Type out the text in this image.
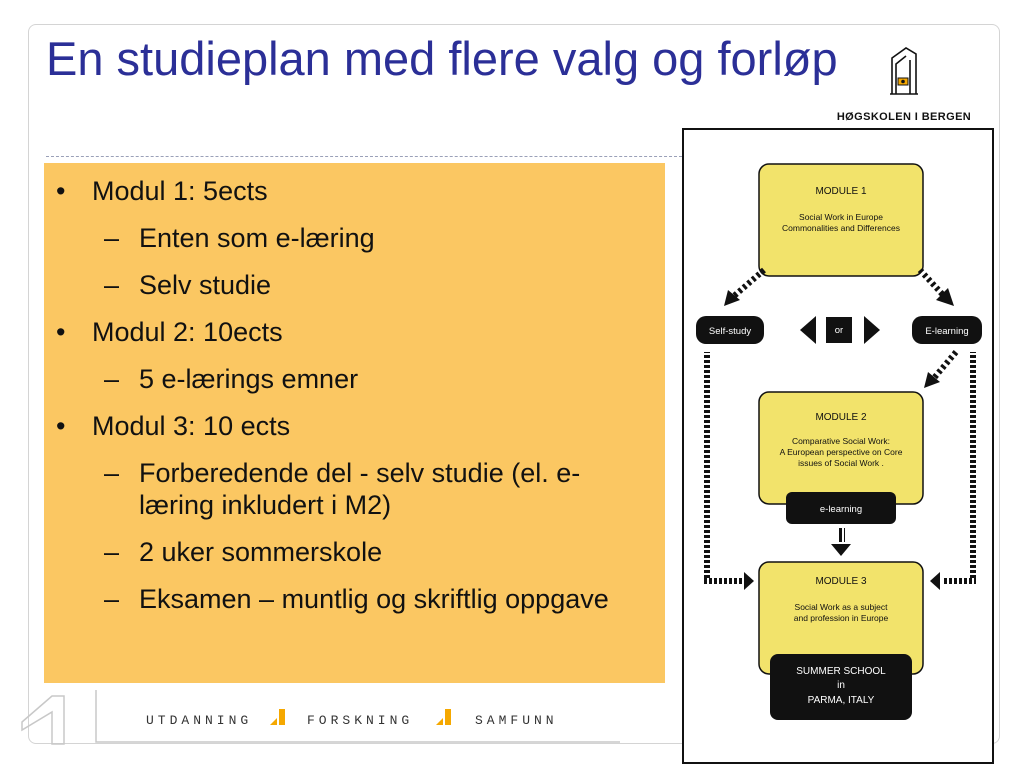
En studieplan med flere valg og forløp
HØGSKOLEN I BERGEN
• Modul 1: 5ects
– Enten som e-læring
– Selv studie
• Modul 2: 10ects
– 5 e-lærings emner
• Modul 3: 10 ects
– Forberedende del - selv studie (el. e-læring inkludert i M2)
– 2 uker sommerskole
– Eksamen – muntlig og skriftlig oppgave
UTDANNING	FORSKNING	SAMFUNN
MODULE 1
Social Work in Europe
Commonalities and Differences
Self-study	or	E-learning
MODULE 2
Comparative Social Work:
A European perspective on Core
issues of Social Work .
e-learning
MODULE 3
Social Work as a subject
and profession in Europe
SUMMER SCHOOL
in
PARMA, ITALY
